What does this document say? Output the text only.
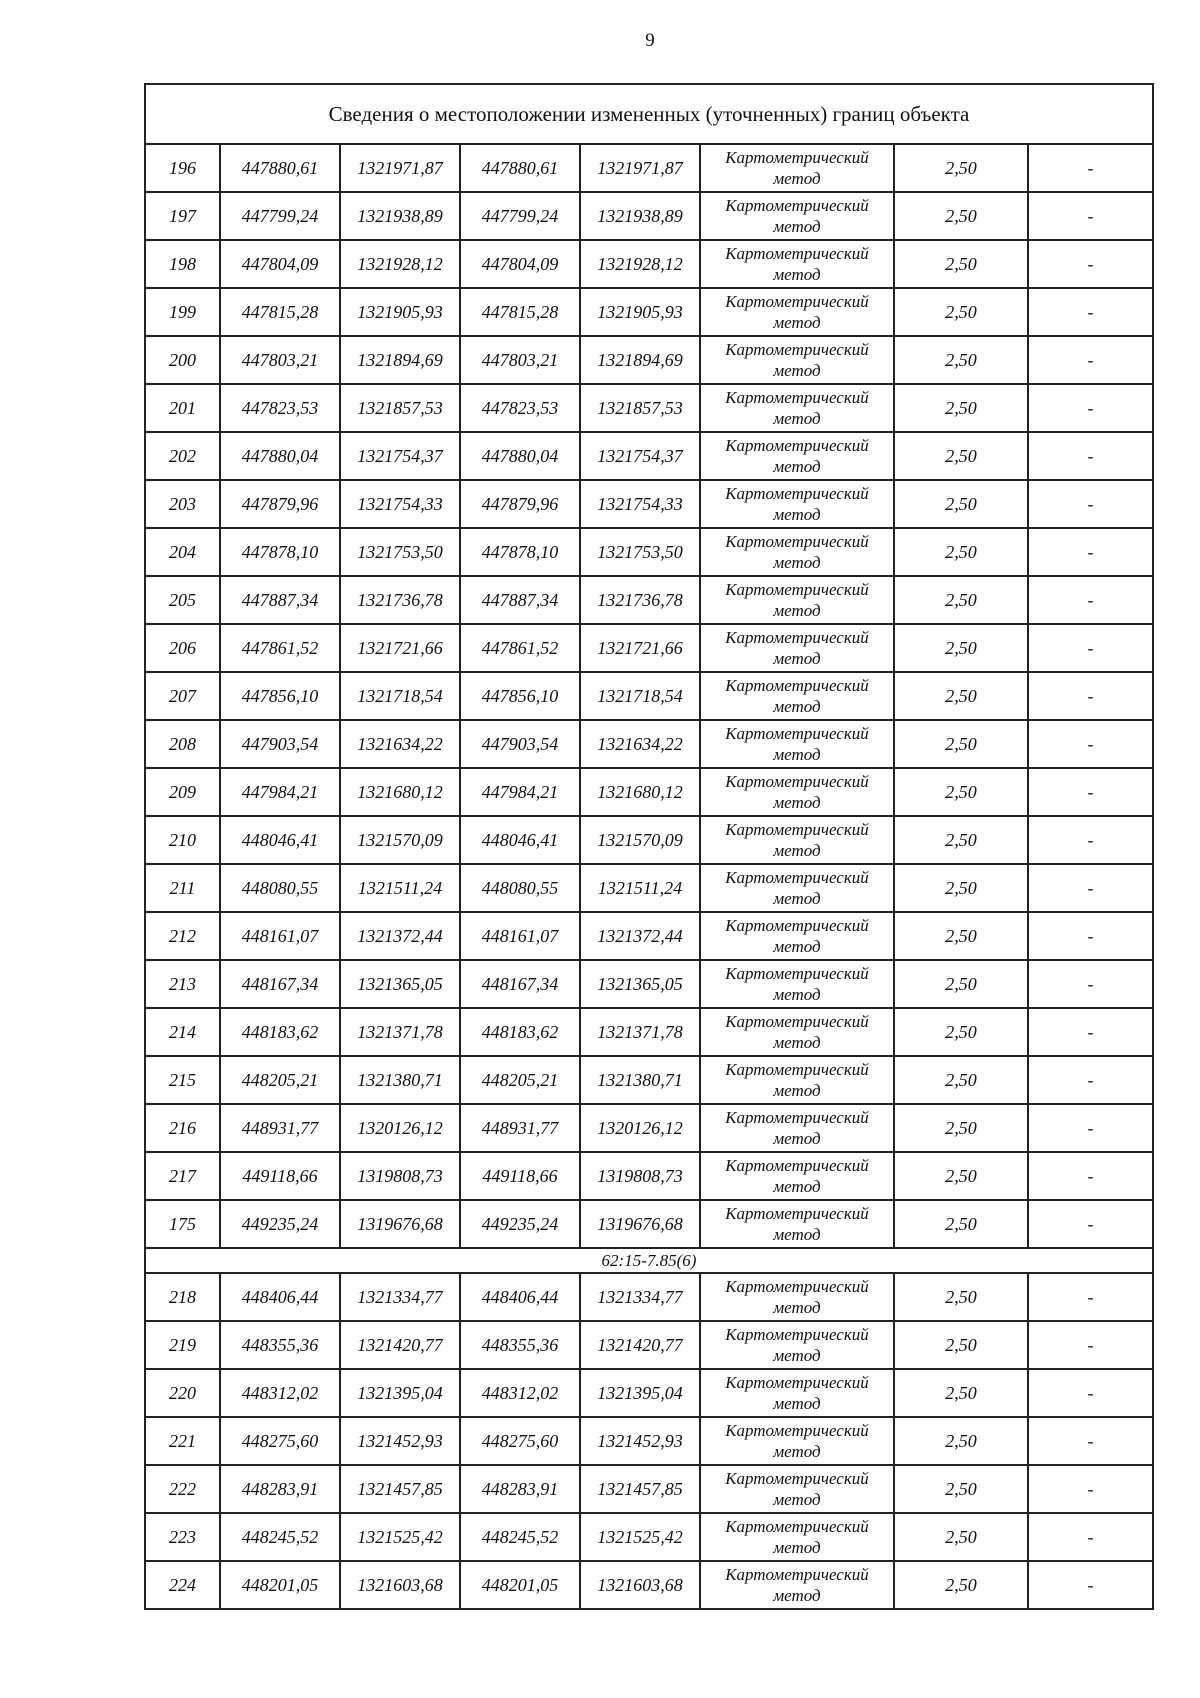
9
Сведения о местоположении измененных (уточненных) границ объекта							
196	447880,61	1321971,87	447880,61	1321971,87	Картометрический метод	2,50	-
197	447799,24	1321938,89	447799,24	1321938,89	Картометрический метод	2,50	-
198	447804,09	1321928,12	447804,09	1321928,12	Картометрический метод	2,50	-
199	447815,28	1321905,93	447815,28	1321905,93	Картометрический метод	2,50	-
200	447803,21	1321894,69	447803,21	1321894,69	Картометрический метод	2,50	-
201	447823,53	1321857,53	447823,53	1321857,53	Картометрический метод	2,50	-
202	447880,04	1321754,37	447880,04	1321754,37	Картометрический метод	2,50	-
203	447879,96	1321754,33	447879,96	1321754,33	Картометрический метод	2,50	-
204	447878,10	1321753,50	447878,10	1321753,50	Картометрический метод	2,50	-
205	447887,34	1321736,78	447887,34	1321736,78	Картометрический метод	2,50	-
206	447861,52	1321721,66	447861,52	1321721,66	Картометрический метод	2,50	-
207	447856,10	1321718,54	447856,10	1321718,54	Картометрический метод	2,50	-
208	447903,54	1321634,22	447903,54	1321634,22	Картометрический метод	2,50	-
209	447984,21	1321680,12	447984,21	1321680,12	Картометрический метод	2,50	-
210	448046,41	1321570,09	448046,41	1321570,09	Картометрический метод	2,50	-
211	448080,55	1321511,24	448080,55	1321511,24	Картометрический метод	2,50	-
212	448161,07	1321372,44	448161,07	1321372,44	Картометрический метод	2,50	-
213	448167,34	1321365,05	448167,34	1321365,05	Картометрический метод	2,50	-
214	448183,62	1321371,78	448183,62	1321371,78	Картометрический метод	2,50	-
215	448205,21	1321380,71	448205,21	1321380,71	Картометрический метод	2,50	-
216	448931,77	1320126,12	448931,77	1320126,12	Картометрический метод	2,50	-
217	449118,66	1319808,73	449118,66	1319808,73	Картометрический метод	2,50	-
175	449235,24	1319676,68	449235,24	1319676,68	Картометрический метод	2,50	-
62:15-7.85(6)							
218	448406,44	1321334,77	448406,44	1321334,77	Картометрический метод	2,50	-
219	448355,36	1321420,77	448355,36	1321420,77	Картометрический метод	2,50	-
220	448312,02	1321395,04	448312,02	1321395,04	Картометрический метод	2,50	-
221	448275,60	1321452,93	448275,60	1321452,93	Картометрический метод	2,50	-
222	448283,91	1321457,85	448283,91	1321457,85	Картометрический метод	2,50	-
223	448245,52	1321525,42	448245,52	1321525,42	Картометрический метод	2,50	-
224	448201,05	1321603,68	448201,05	1321603,68	Картометрический метод	2,50	-
